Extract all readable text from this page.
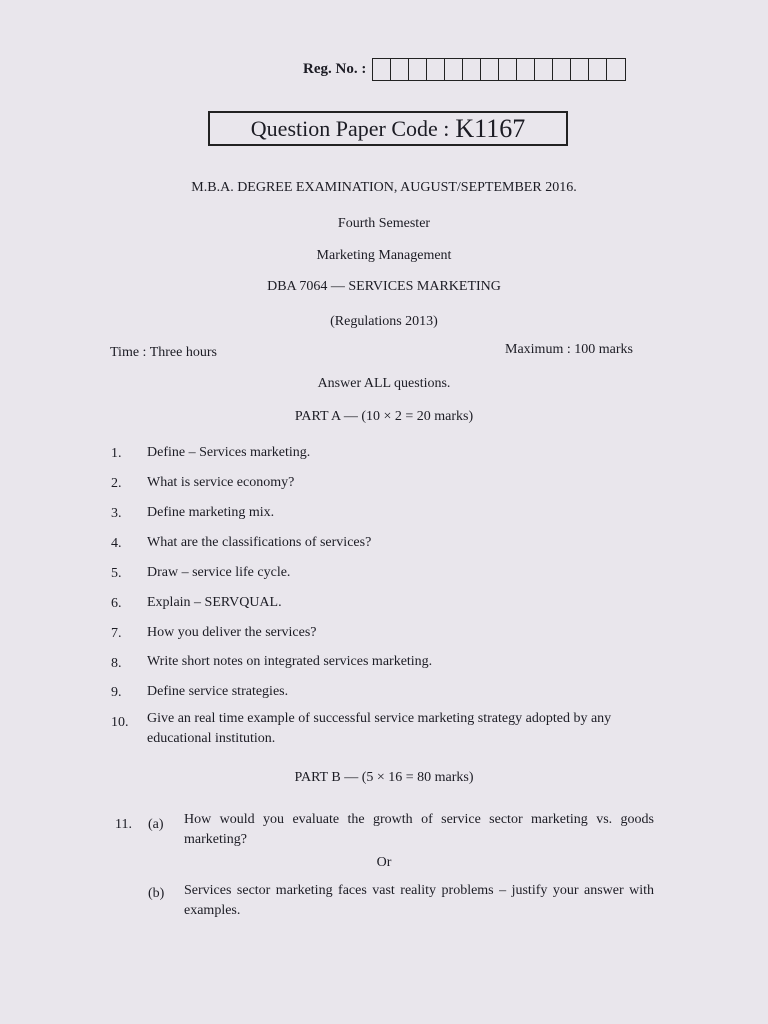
Reg. No. :
Question Paper Code : K1167
M.B.A. DEGREE EXAMINATION, AUGUST/SEPTEMBER 2016.
Fourth Semester
Marketing Management
DBA 7064 — SERVICES MARKETING
(Regulations 2013)
Time : Three hours	Maximum : 100 marks
Answer ALL questions.
PART A — (10 × 2 = 20 marks)
1. Define – Services marketing.
2. What is service economy?
3. Define marketing mix.
4. What are the classifications of services?
5. Draw – service life cycle.
6. Explain – SERVQUAL.
7. How you deliver the services?
8. Write short notes on integrated services marketing.
9. Define service strategies.
10. Give an real time example of successful service marketing strategy adopted by any educational institution.
PART B — (5 × 16 = 80 marks)
11. (a) How would you evaluate the growth of service sector marketing vs. goods marketing?
Or
(b) Services sector marketing faces vast reality problems – justify your answer with examples.
